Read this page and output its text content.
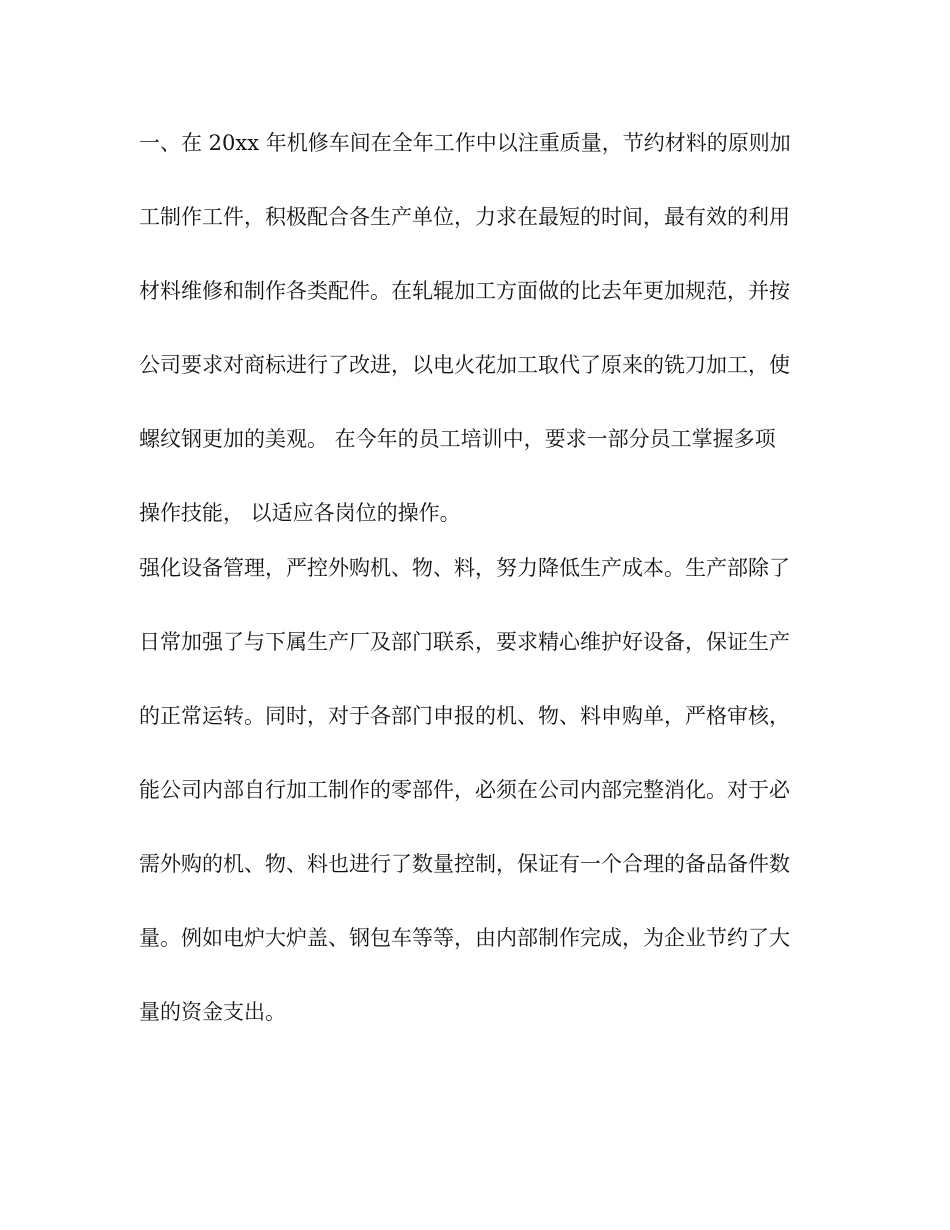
一、在 20xx 年机修车间在全年工作中以注重质量，节约材料的原则加
工制作工件，积极配合各生产单位，力求在最短的时间，最有效的利用
材料维修和制作各类配件。在轧辊加工方面做的比去年更加规范，并按
公司要求对商标进行了改进，以电火花加工取代了原来的铣刀加工，使
螺纹钢更加的美观。 在今年的员工培训中，要求一部分员工掌握多项
操作技能， 以适应各岗位的操作。
强化设备管理，严控外购机、物、料，努力降低生产成本。生产部除了
日常加强了与下属生产厂及部门联系，要求精心维护好设备，保证生产
的正常运转。同时，对于各部门申报的机、物、料申购单，严格审核，
能公司内部自行加工制作的零部件，必须在公司内部完整消化。对于必
需外购的机、物、料也进行了数量控制，保证有一个合理的备品备件数
量。例如电炉大炉盖、钢包车等等，由内部制作完成，为企业节约了大
量的资金支出。
